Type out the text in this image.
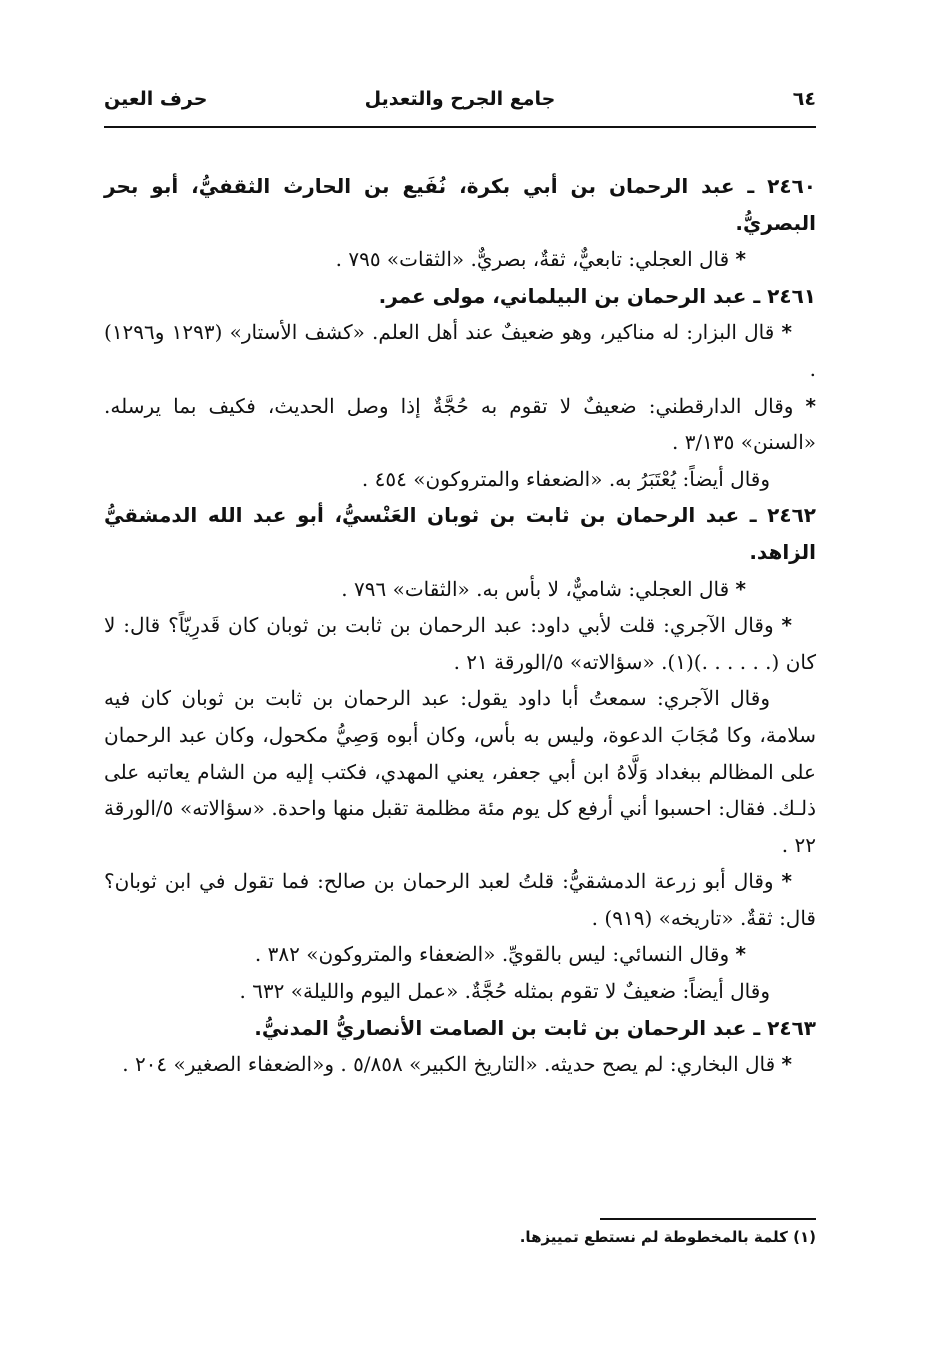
٦٤
جامع الجرح والتعديل
حرف العين

٢٤٦٠ ـ عبد الرحمان بن أبي بكرة، نُفَيع بن الحارث الثقفيُّ، أبو بحر البصريُّ.

* قال العجلي: تابعيٌّ، ثقةٌ، بصريٌّ. «الثقات» ٧٩٥ .

٢٤٦١ ـ عبد الرحمان بن البيلماني، مولى عمر.

* قال البزار: له مناكير، وهو ضعيفٌ عند أهل العلم. «كشف الأستار» (١٢٩٣ و١٢٩٦) .

* وقال الدارقطني: ضعيفٌ لا تقوم به حُجَّةٌ إذا وصل الحديث، فكيف بما يرسله. «السنن» ٣/١٣٥ .

وقال أيضاً: يُعْتَبَرُ به. «الضعفاء والمتروكون» ٤٥٤ .

٢٤٦٢ ـ عبد الرحمان بن ثابت بن ثوبان العَنْسيُّ، أبو عبد الله الدمشقيُّ الزاهد.

* قال العجلي: شاميٌّ، لا بأس به. «الثقات» ٧٩٦ .

* وقال الآجري: قلت لأبي داود: عبد الرحمان بن ثابت بن ثوبان كان قَدرِيّاً؟ قال: لا كان (. . . . . .)(١). «سؤالاته» ٥/الورقة ٢١ .

وقال الآجري: سمعتُ أبا داود يقول: عبد الرحمان بن ثابت بن ثوبان كان فيه سلامة، وكا مُجَابَ الدعوة، وليس به بأس، وكان أبوه وَصِيُّ مكحول، وكان عبد الرحمان على المظالم ببغداد وَلَّاهُ ابن أبي جعفر، يعني المهدي، فكتب إليه من الشام يعاتبه على ذلـك. فقال: احسبوا أني أرفع كل يوم مئة مظلمة تقبل منها واحدة. «سؤالاته» ٥/الورقة ٢٢ .

* وقال أبو زرعة الدمشقيُّ: قلتُ لعبد الرحمان بن صالح: فما تقول في ابن ثوبان؟ قال: ثقةٌ. «تاريخه» (٩١٩) .

* وقال النسائي: ليس بالقويِّ. «الضعفاء والمتروكون» ٣٨٢ .

وقال أيضاً: ضعيفٌ لا تقوم بمثله حُجَّةٌ. «عمل اليوم والليلة» ٦٣٢ .

٢٤٦٣ ـ عبد الرحمان بن ثابت بن الصامت الأنصاريُّ المدنيُّ.

* قال البخاري: لم يصح حديثه. «التاريخ الكبير» ٥/٨٥٨ . و«الضعفاء الصغير» ٢٠٤ .

(١) كلمة بالمخطوطة لم نستطع تمييزها.
